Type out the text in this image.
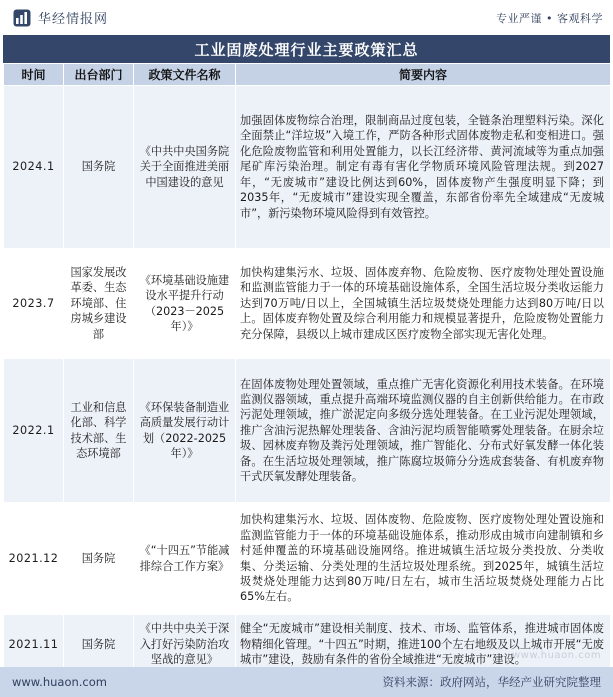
华经情报网	专业严谨 • 客观科学
工业固废处理行业主要政策汇总
时间	出台部门	政策文件名称	简要内容
2024.1	国务院	《中共中央国务院关于全面推进美丽中国建设的意见	加强固体废物综合治理，限制商品过度包装，全链条治理塑料污染。深化全面禁止“洋垃圾”入境工作，严防各种形式固体废物走私和变相进口。强化危险废物监管和利用处置能力，以长江经济带、黄河流域等为重点加强尾矿库污染治理。制定有毒有害化学物质环境风险管理法规。到2027年，“无废城市”建设比例达到60%，固体废物产生强度明显下降；到2035年，“无废城市”建设实现全覆盖，东部省份率先全域建成“无废城市”，新污染物环境风险得到有效管控。
2023.7	国家发展改革委、生态环境部、住房城乡建设部	《环境基础设施建设水平提升行动（2023－2025年）》	加快构建集污水、垃圾、固体废弃物、危险废物、医疗废物处理处置设施和监测监管能力于一体的环境基础设施体系，全国生活垃圾分类收运能力达到70万吨/日以上，全国城镇生活垃圾焚烧处理能力达到80万吨/日以上。固体废弃物处置及综合利用能力和规模显著提升，危险废物处置能力充分保障，县级以上城市建成区医疗废物全部实现无害化处理。
2022.1	工业和信息化部、科学技术部、生态环境部	《环保装备制造业高质量发展行动计划（2022-2025年）》	在固体废物处理处置领域，重点推广无害化资源化利用技术装备。在环境监测仪器领域，重点提升高端环境监测仪器的自主创新供给能力。在市政污泥处理领域，推广淤泥定向多级分选处理装备。在工业污泥处理领域，推广含油污泥热解处理装备、含油污泥均质智能喷雾处理装备。在厨余垃圾、园林废弃物及粪污处理领域，推广智能化、分布式好氧发酵一体化装备。在生活垃圾处理领域，推广陈腐垃圾筛分分选成套装备、有机废弃物干式厌氧发酵处理装备。
2021.12	国务院	《“十四五”节能减排综合工作方案》	加快构建集污水、垃圾、固体废物、危险废物、医疗废物处理处置设施和监测监管能力于一体的环境基础设施体系，推动形成由城市向建制镇和乡村延伸覆盖的环境基础设施网络。推进城镇生活垃圾分类投放、分类收集、分类运输、分类处理的生活垃圾处理系统。到2025年，城镇生活垃圾焚烧处理能力达到80万吨/日左右，城市生活垃圾焚烧处理能力占比65%左右。
2021.11	国务院	《中共中央关于深入打好污染防治攻坚战的意见》	健全“无废城市”建设相关制度、技术、市场、监管体系，推进城市固体废物精细化管理。“十四五”时期，推进100个左右地级及以上城市开展“无废城市”建设，鼓励有条件的省份全域推进“无废城市”建设。
www.huaon.com
www.huaon.com	资料来源：政府网站，华经产业研究院整理
